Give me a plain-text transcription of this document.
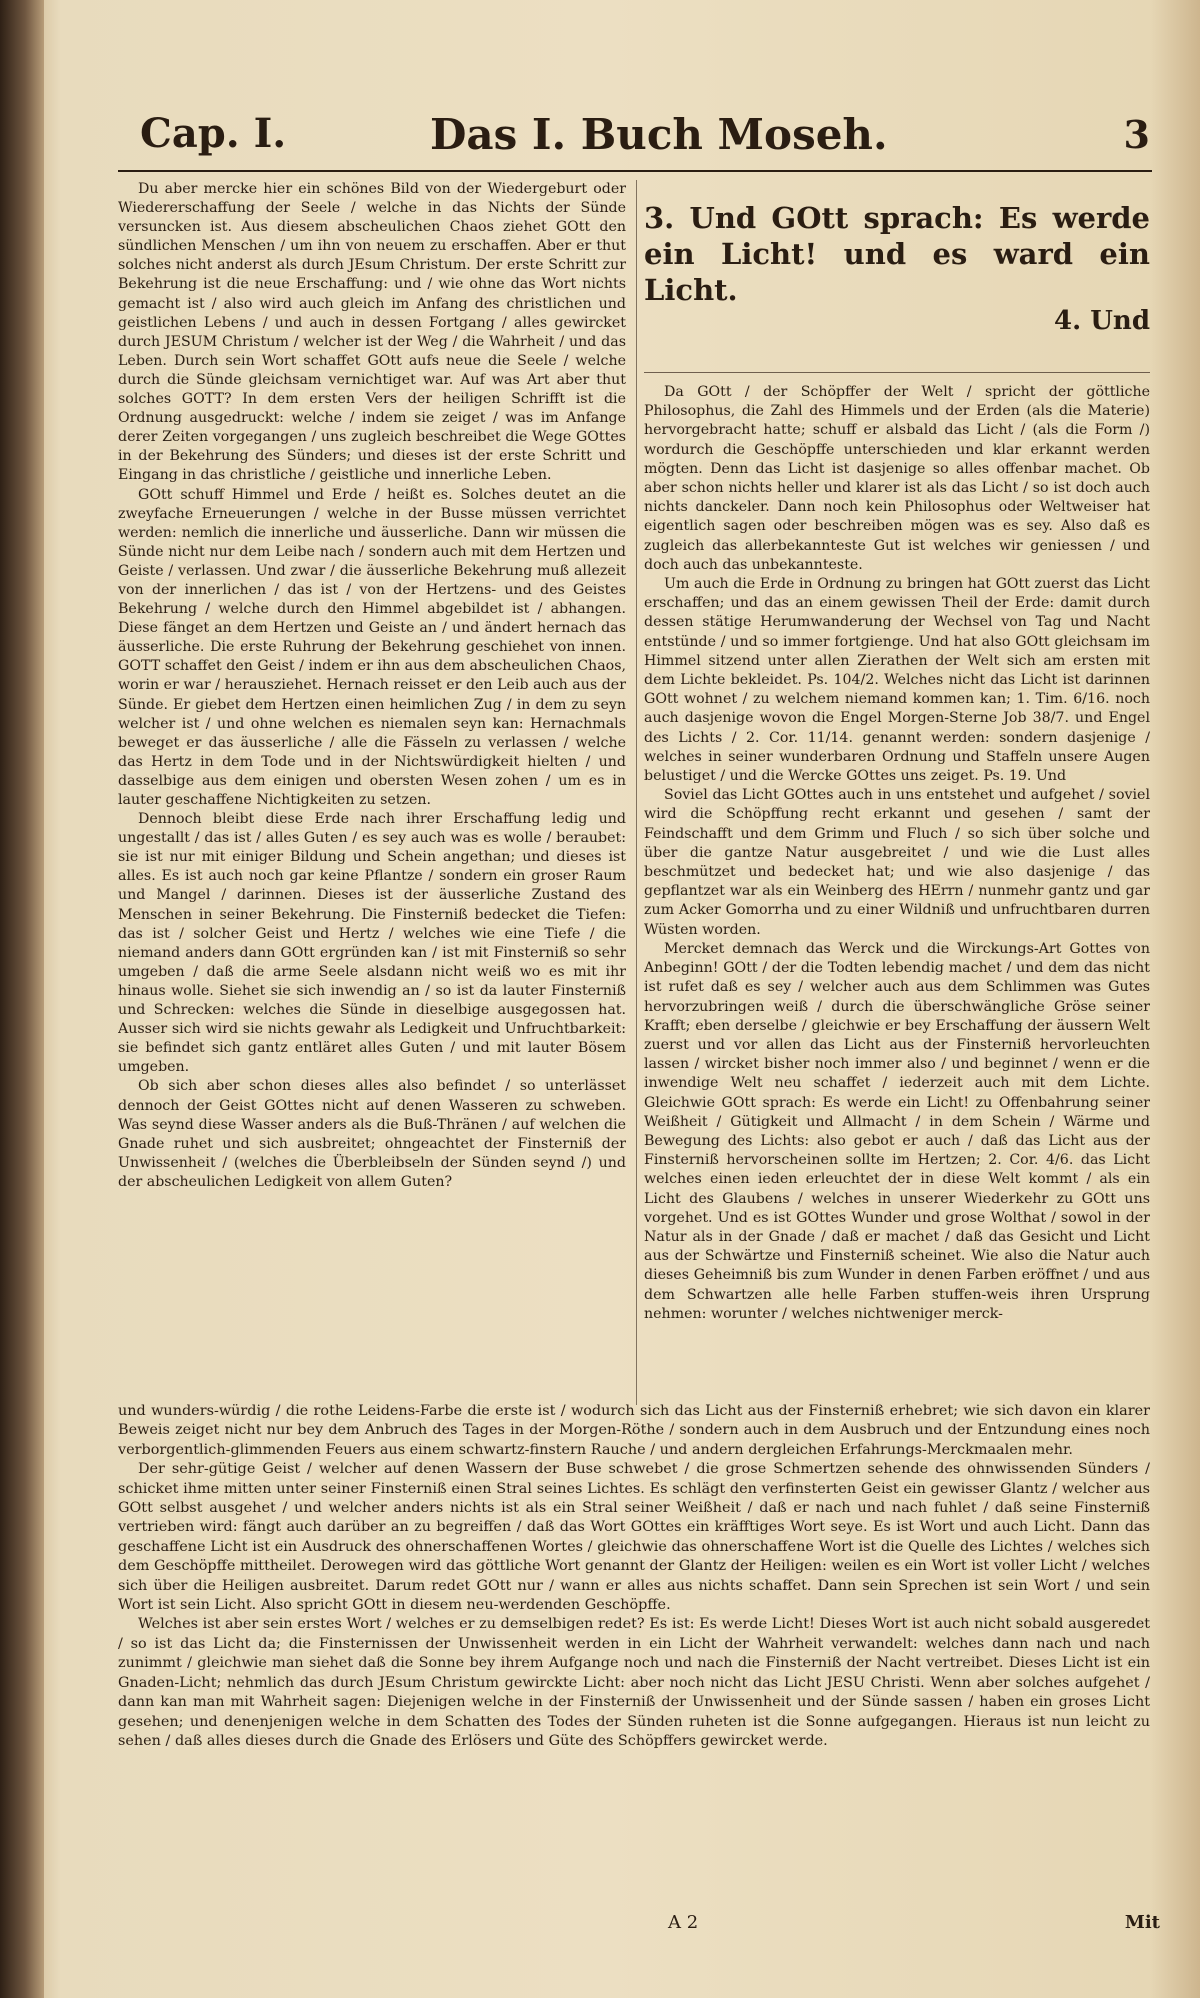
Cap. I.	Das I. Buch Moseh.	3

Du aber mercke hier ein schönes Bild von der Wiedergeburt oder Wiedererschaffung der Seele / welche in das Nichts der Sünde versuncken ist. Aus diesem abscheulichen Chaos ziehet GOtt den sündlichen Menschen / um ihn von neuem zu erschaffen. Aber er thut solches nicht anderst als durch JEsum Christum. Der erste Schritt zur Bekehrung ist die neue Erschaffung: und / wie ohne das Wort nichts gemacht ist / also wird auch gleich im Anfang des christlichen und geistlichen Lebens / und auch in dessen Fortgang / alles gewircket durch JESUM Christum / welcher ist der Weg / die Wahrheit / und das Leben. Durch sein Wort schaffet GOtt aufs neue die Seele / welche durch die Sünde gleichsam vernichtiget war. Auf was Art aber thut solches GOTT? In dem ersten Vers der heiligen Schrifft ist die Ordnung ausgedruckt: welche / indem sie zeiget / was im Anfange derer Zeiten vorgegangen / uns zugleich beschreibet die Wege GOttes in der Bekehrung des Sünders; und dieses ist der erste Schritt und Eingang in das christliche / geistliche und innerliche Leben.

GOtt schuff Himmel und Erde / heißt es. Solches deutet an die zweyfache Erneuerungen / welche in der Busse müssen verrichtet werden: nemlich die innerliche und äusserliche. Dann wir müssen die Sünde nicht nur dem Leibe nach / sondern auch mit dem Hertzen und Geiste / verlassen. Und zwar / die äusserliche Bekehrung muß allezeit von der innerlichen / das ist / von der Hertzens- und des Geistes Bekehrung / welche durch den Himmel abgebildet ist / abhangen. Diese fänget an dem Hertzen und Geiste an / und ändert hernach das äusserliche. Die erste Ruhrung der Bekehrung geschiehet von innen. GOTT schaffet den Geist / indem er ihn aus dem abscheulichen Chaos, worin er war / herausziehet. Hernach reisset er den Leib auch aus der Sünde. Er giebet dem Hertzen einen heimlichen Zug / in dem zu seyn welcher ist / und ohne welchen es niemalen seyn kan: Hernachmals beweget er das äusserliche / alle die Fässeln zu verlassen / welche das Hertz in dem Tode und in der Nichtswürdigkeit hielten / und dasselbige aus dem einigen und obersten Wesen zohen / um es in lauter geschaffene Nichtigkeiten zu setzen.

Dennoch bleibt diese Erde nach ihrer Erschaffung ledig und ungestallt / das ist / alles Guten / es sey auch was es wolle / beraubet: sie ist nur mit einiger Bildung und Schein angethan; und dieses ist alles. Es ist auch noch gar keine Pflantze / sondern ein groser Raum und Mangel / darinnen. Dieses ist der äusserliche Zustand des Menschen in seiner Bekehrung. Die Finsterniß bedecket die Tiefen: das ist / solcher Geist und Hertz / welches wie eine Tiefe / die niemand anders dann GOtt ergründen kan / ist mit Finsterniß so sehr umgeben / daß die arme Seele alsdann nicht weiß wo es mit ihr hinaus wolle. Siehet sie sich inwendig an / so ist da lauter Finsterniß und Schrecken: welches die Sünde in dieselbige ausgegossen hat. Ausser sich wird sie nichts gewahr als Ledigkeit und Unfruchtbarkeit: sie befindet sich gantz entläret alles Guten / und mit lauter Bösem umgeben.

Ob sich aber schon dieses alles also befindet / so unterlässet dennoch der Geist GOttes nicht auf denen Wasseren zu schweben. Was seynd diese Wasser anders als die Buß-Thränen / auf welchen die Gnade ruhet und sich ausbreitet; ohngeachtet der Finsterniß der Unwissenheit / (welches die Überbleibseln der Sünden seynd /) und der abscheulichen Ledigkeit von allem Guten?

3. Und GOtt sprach: Es werde ein Licht! und es ward ein Licht.
4. Und

Da GOtt / der Schöpffer der Welt / spricht der göttliche Philosophus, die Zahl des Himmels und der Erden (als die Materie) hervorgebracht hatte; schuff er alsbald das Licht / (als die Form /) wordurch die Geschöpffe unterschieden und klar erkannt werden mögten. Denn das Licht ist dasjenige so alles offenbar machet. Ob aber schon nichts heller und klarer ist als das Licht / so ist doch auch nichts danckeler. Dann noch kein Philosophus oder Weltweiser hat eigentlich sagen oder beschreiben mögen was es sey. Also daß es zugleich das allerbekannteste Gut ist welches wir geniessen / und doch auch das unbekannteste.

Um auch die Erde in Ordnung zu bringen hat GOtt zuerst das Licht erschaffen; und das an einem gewissen Theil der Erde: damit durch dessen stätige Herumwanderung der Wechsel von Tag und Nacht entstünde / und so immer fortgienge. Und hat also GOtt gleichsam im Himmel sitzend unter allen Zierathen der Welt sich am ersten mit dem Lichte bekleidet. Ps. 104/2. Welches nicht das Licht ist darinnen GOtt wohnet / zu welchem niemand kommen kan; 1. Tim. 6/16. noch auch dasjenige wovon die Engel Morgen-Sterne Job 38/7. und Engel des Lichts / 2. Cor. 11/14. genannt werden: sondern dasjenige / welches in seiner wunderbaren Ordnung und Staffeln unsere Augen belustiget / und die Wercke GOttes uns zeiget. Ps. 19. Und

Soviel das Licht GOttes auch in uns entstehet und aufgehet / soviel wird die Schöpffung recht erkannt und gesehen / samt der Feindschafft und dem Grimm und Fluch / so sich über solche und über die gantze Natur ausgebreitet / und wie die Lust alles beschmützet und bedecket hat; und wie also dasjenige / das gepflantzet war als ein Weinberg des HErrn / nunmehr gantz und gar zum Acker Gomorrha und zu einer Wildniß und unfruchtbaren durren Wüsten worden.

Mercket demnach das Werck und die Wirckungs-Art Gottes von Anbeginn! GOtt / der die Todten lebendig machet / und dem das nicht ist rufet daß es sey / welcher auch aus dem Schlimmen was Gutes hervorzubringen weiß / durch die überschwängliche Gröse seiner Krafft; eben derselbe / gleichwie er bey Erschaffung der äussern Welt zuerst und vor allen das Licht aus der Finsterniß hervorleuchten lassen / wircket bisher noch immer also / und beginnet / wenn er die inwendige Welt neu schaffet / iederzeit auch mit dem Lichte. Gleichwie GOtt sprach: Es werde ein Licht! zu Offenbahrung seiner Weißheit / Gütigkeit und Allmacht / in dem Schein / Wärme und Bewegung des Lichts: also gebot er auch / daß das Licht aus der Finsterniß hervorscheinen sollte im Hertzen; 2. Cor. 4/6. das Licht welches einen ieden erleuchtet der in diese Welt kommt / als ein Licht des Glaubens / welches in unserer Wiederkehr zu GOtt uns vorgehet. Und es ist GOttes Wunder und grose Wolthat / sowol in der Natur als in der Gnade / daß er machet / daß das Gesicht und Licht aus der Schwärtze und Finsterniß scheinet. Wie also die Natur auch dieses Geheimniß bis zum Wunder in denen Farben eröffnet / und aus dem Schwartzen alle helle Farben stuffen-weis ihren Ursprung nehmen: worunter / welches nichtweniger merck-

und wunders-würdig / die rothe Leidens-Farbe die erste ist / wodurch sich das Licht aus der Finsterniß erhebret; wie sich davon ein klarer Beweis zeiget nicht nur bey dem Anbruch des Tages in der Morgen-Röthe / sondern auch in dem Ausbruch und der Entzundung eines noch verborgentlich-glimmenden Feuers aus einem schwartz-finstern Rauche / und andern dergleichen Erfahrungs-Merckmaalen mehr.

Der sehr-gütige Geist / welcher auf denen Wassern der Buse schwebet / die grose Schmertzen sehende des ohnwissenden Sünders / schicket ihme mitten unter seiner Finsterniß einen Stral seines Lichtes. Es schlägt den verfinsterten Geist ein gewisser Glantz / welcher aus GOtt selbst ausgehet / und welcher anders nichts ist als ein Stral seiner Weißheit / daß er nach und nach fuhlet / daß seine Finsterniß vertrieben wird: fängt auch darüber an zu begreiffen / daß das Wort GOttes ein kräfftiges Wort seye. Es ist Wort und auch Licht. Dann das geschaffene Licht ist ein Ausdruck des ohnerschaffenen Wortes / gleichwie das ohnerschaffene Wort ist die Quelle des Lichtes / welches sich dem Geschöpffe mittheilet. Derowegen wird das göttliche Wort genannt der Glantz der Heiligen: weilen es ein Wort ist voller Licht / welches sich über die Heiligen ausbreitet. Darum redet GOtt nur / wann er alles aus nichts schaffet. Dann sein Sprechen ist sein Wort / und sein Wort ist sein Licht. Also spricht GOtt in diesem neu-werdenden Geschöpffe.

Welches ist aber sein erstes Wort / welches er zu demselbigen redet? Es ist: Es werde Licht! Dieses Wort ist auch nicht sobald ausgeredet / so ist das Licht da; die Finsternissen der Unwissenheit werden in ein Licht der Wahrheit verwandelt: welches dann nach und nach zunimmt / gleichwie man siehet daß die Sonne bey ihrem Aufgange noch und nach die Finsterniß der Nacht vertreibet. Dieses Licht ist ein Gnaden-Licht; nehmlich das durch JEsum Christum gewirckte Licht: aber noch nicht das Licht JESU Christi. Wenn aber solches aufgehet / dann kan man mit Wahrheit sagen: Diejenigen welche in der Finsterniß der Unwissenheit und der Sünde sassen / haben ein groses Licht gesehen; und denenjenigen welche in dem Schatten des Todes der Sünden ruheten ist die Sonne aufgegangen. Hieraus ist nun leicht zu sehen / daß alles dieses durch die Gnade des Erlösers und Güte des Schöpffers gewircket werde.

A 2	Mit
